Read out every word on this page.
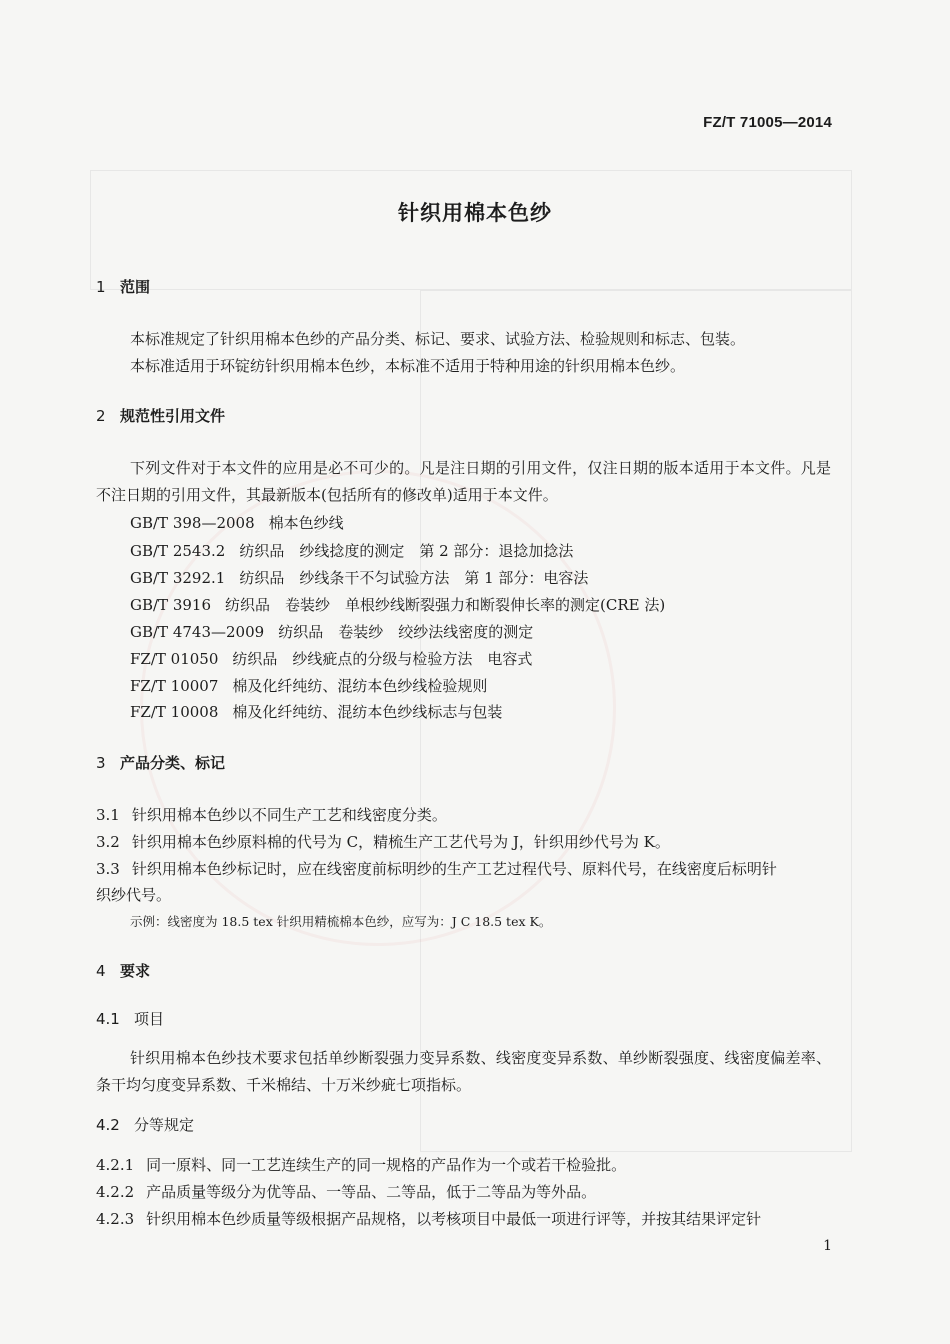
FZ/T 71005—2014
针织用棉本色纱
1 范围
本标准规定了针织用棉本色纱的产品分类、标记、要求、试验方法、检验规则和标志、包装。
本标准适用于环锭纺针织用棉本色纱，本标准不适用于特种用途的针织用棉本色纱。
2 规范性引用文件
下列文件对于本文件的应用是必不可少的。凡是注日期的引用文件，仅注日期的版本适用于本文件。凡是不注日期的引用文件，其最新版本(包括所有的修改单)适用于本文件。
GB/T 398—2008 棉本色纱线
GB/T 2543.2 纺织品　纱线捻度的测定　第 2 部分：退捻加捻法
GB/T 3292.1 纺织品　纱线条干不匀试验方法　第 1 部分：电容法
GB/T 3916 纺织品　卷装纱　单根纱线断裂强力和断裂伸长率的测定(CRE 法)
GB/T 4743—2009 纺织品　卷装纱　绞纱法线密度的测定
FZ/T 01050 纺织品　纱线疵点的分级与检验方法　电容式
FZ/T 10007 棉及化纤纯纺、混纺本色纱线检验规则
FZ/T 10008 棉及化纤纯纺、混纺本色纱线标志与包装
3 产品分类、标记
3.1 针织用棉本色纱以不同生产工艺和线密度分类。
3.2 针织用棉本色纱原料棉的代号为 C，精梳生产工艺代号为 J，针织用纱代号为 K。
3.3 针织用棉本色纱标记时，应在线密度前标明纱的生产工艺过程代号、原料代号，在线密度后标明针
织纱代号。
示例：线密度为 18.5 tex 针织用精梳棉本色纱，应写为：J C 18.5 tex K。
4 要求
4.1 项目
针织用棉本色纱技术要求包括单纱断裂强力变异系数、线密度变异系数、单纱断裂强度、线密度偏差率、条干均匀度变异系数、千米棉结、十万米纱疵七项指标。
4.2 分等规定
4.2.1 同一原料、同一工艺连续生产的同一规格的产品作为一个或若干检验批。
4.2.2 产品质量等级分为优等品、一等品、二等品，低于二等品为等外品。
4.2.3 针织用棉本色纱质量等级根据产品规格，以考核项目中最低一项进行评等，并按其结果评定针
1
